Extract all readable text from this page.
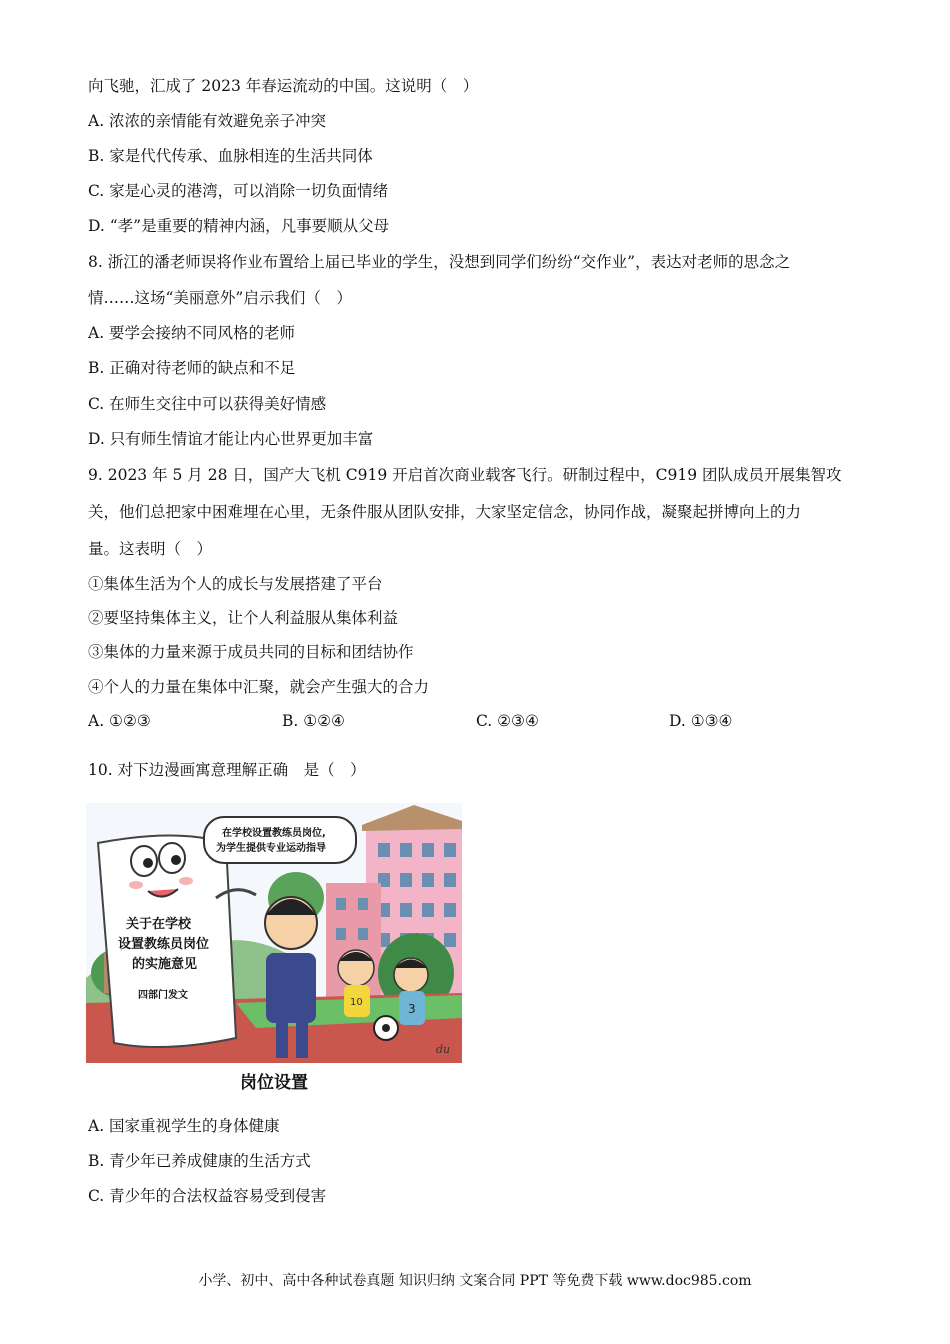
向飞驰，汇成了 2023 年春运流动的中国。这说明（　）
A. 浓浓的亲情能有效避免亲子冲突
B. 家是代代传承、血脉相连的生活共同体
C. 家是心灵的港湾，可以消除一切负面情绪
D. “孝”是重要的精神内涵，凡事要顺从父母
8. 浙江的潘老师误将作业布置给上届已毕业的学生，没想到同学们纷纷“交作业”，表达对老师的思念之
情……这场“美丽意外”启示我们（　）
A. 要学会接纳不同风格的老师
B. 正确对待老师的缺点和不足
C. 在师生交往中可以获得美好情感
D. 只有师生情谊才能让内心世界更加丰富
9. 2023 年 5 月 28 日，国产大飞机 C919 开启首次商业载客飞行。研制过程中，C919 团队成员开展集智攻
关，他们总把家中困难埋在心里，无条件服从团队安排，大家坚定信念，协同作战，凝聚起拼博向上的力
量。这表明（　）
①集体生活为个人的成长与发展搭建了平台
②要坚持集体主义，让个人利益服从集体利益
③集体的力量来源于成员共同的目标和团结协作
④个人的力量在集体中汇聚，就会产生强大的合力
A. ①②③	B. ①②④	C. ②③④	D. ①③④
10. 对下边漫画寓意理解正确　是（　）
关于在学校
设置教练员岗位
的实施意见
四部门发文
在学校设置教练员岗位,
为学生提供专业运动指导
10	3
du
岗位设置
A. 国家重视学生的身体健康
B. 青少年已养成健康的生活方式
C. 青少年的合法权益容易受到侵害
小学、初中、高中各种试卷真题 知识归纳 文案合同 PPT 等免费下载 www.doc985.com
